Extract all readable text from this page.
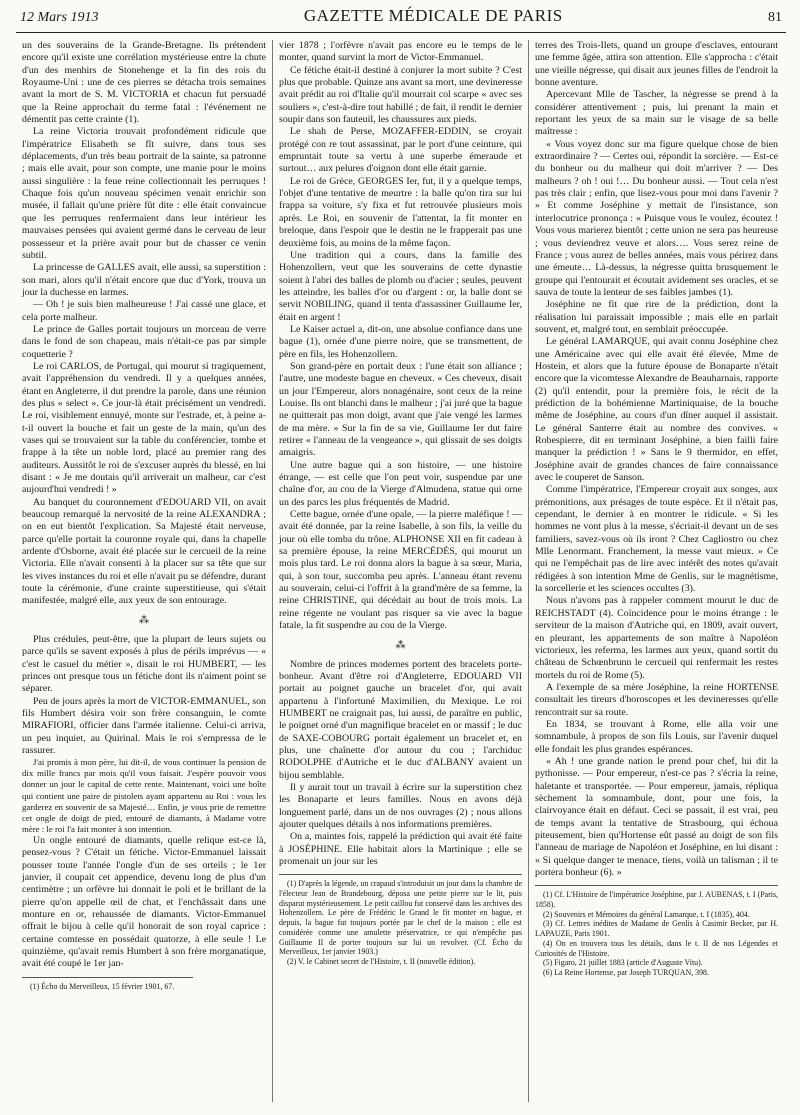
12 Mars 1913	GAZETTE MÉDICALE DE PARIS	81

un des souverains de la Grande-Bretagne. Ils prétendent encore qu'il existe une corrélation mystérieuse entre la chute d'un des menhirs de Stonehenge et la fin des rois du Royaume-Uni : une de ces pierres se détacha trois semaines avant la mort de S. M. VICTORIA et chacun fut persuadé que la Reine approchait du terme fatal : l'événement ne démentit pas cette crainte (1).

La reine Victoria trouvait profondément ridicule que l'impératrice Elisabeth se fît suivre, dans tous ses déplacements, d'un très beau portrait de la sainte, sa patronne ; mais elle avait, pour son compte, une manie pour le moins aussi singulière : la feue reine collectionnait les perruques ! Chaque fois qu'un nouveau spécimen venait enrichir son musée, il fallait qu'une prière fût dite : elle était convaincue que les perruques renfermaient dans leur intérieur les mauvaises pensées qui avaient germé dans le cerveau de leur possesseur et la prière avait pour but de chasser ce venin subtil.

La princesse de GALLES avait, elle aussi, sa superstition : son mari, alors qu'il n'était encore que duc d'York, trouva un jour la duchesse en larmes.

— Oh ! je suis bien malheureuse ! J'ai cassé une glace, et cela porte malheur.

Le prince de Galles portait toujours un morceau de verre dans le fond de son chapeau, mais n'était-ce pas par simple coquetterie ?

Le roi CARLOS, de Portugal, qui mourut si tragiquement, avait l'appréhension du vendredi. Il y a quelques années, étant en Angleterre, il dut prendre la parole, dans une réunion des plus « select ». Ce jour-là était précisément un vendredi. Le roi, visiblement ennuyé, monte sur l'estrade, et, à peine a-t-il ouvert la bouche et fait un geste de la main, qu'un des vases qui se trouvaient sur la table du conférencier, tombe et frappe à la tête un noble lord, placé au premier rang des auditeurs. Aussitôt le roi de s'excuser auprès du blessé, en lui disant : « Je me doutais qu'il arriverait un malheur, car c'est aujourd'hui vendredi ! »

Au banquet du couronnement d'EDOUARD VII, on avait beaucoup remarqué la nervosité de la reine ALEXANDRA ; on en eut bientôt l'explication. Sa Majesté était nerveuse, parce qu'elle portait la couronne royale qui, dans la chapelle ardente d'Osborne, avait été placée sur le cercueil de la reine Victoria. Elle n'avait consenti à la placer sur sa tête que sur les vives instances du roi et elle n'avait pu se défendre, durant toute la cérémonie, d'une crainte superstitieuse, qui s'était manifestée, malgré elle, aux yeux de son entourage.

⁂

Plus crédules, peut-être, que la plupart de leurs sujets ou parce qu'ils se savent exposés à plus de périls imprévus — « c'est le casuel du métier », disait le roi HUMBERT, — les princes ont presque tous un fétiche dont ils n'aiment point se séparer.

Peu de jours après la mort de VICTOR-EMMANUEL, son fils Humbert désira voir son frère consanguin, le comte MIRAFIORI, officier dans l'armée italienne. Celui-ci arriva, un peu inquiet, au Quirinal. Mais le roi s'empressa de le rassurer.

J'ai promis à mon père, lui dit-il, de vous continuer la pension de dix mille francs par mois qu'il vous faisait. J'espère pouvoir vous donner un jour le capital de cette rente. Maintenant, voici une boîte qui contient une paire de pistolets ayant appartenu au Roi : vous les garderez en souvenir de sa Majesté… Enfin, je vous prie de remettre cet ongle de doigt de pied, entouré de diamants, à Madame votre mère : le roi l'a fait monter à son intention.

Un ongle entouré de diamants, quelle relique est-ce là, pensez-vous ? C'était un fétiche. Victor-Emmanuel laissait pousser toute l'année l'ongle d'un de ses orteils ; le 1er janvier, il coupait cet appendice, devenu long de plus d'un centimètre ; un orfèvre lui donnait le poli et le brillant de la pierre qu'on appelle œil de chat, et l'enchâssait dans une monture en or, rehaussée de diamants. Victor-Emmanuel offrait le bijou à celle qu'il honorait de son royal caprice : certaine comtesse en possédait quatorze, à elle seule ! Le quinzième, qu'avait remis Humbert à son frère morganatique, avait été coupé le 1er jan-

(1) Écho du Merveilleux, 15 février 1901, 67.

vier 1878 ; l'orfèvre n'avait pas encore eu le temps de le monter, quand survint la mort de Victor-Emmanuel.

Ce fétiche était-il destiné à conjurer la mort subite ? C'est plus que probable. Quinze ans avant sa mort, une devineresse avait prédit au roi d'Italie qu'il mourrait col scarpe « avec ses souliers », c'est-à-dire tout habillé ; de fait, il rendit le dernier soupir dans son fauteuil, les chaussures aux pieds.

Le shah de Perse, MOZAFFER-EDDIN, se croyait protégé con re tout assassinat, par le port d'une ceinture, qui empruntait toute sa vertu à une superbe émeraude et surtout… aux pelures d'oignon dont elle était garnie.

Le roi de Grèce, GEORGES Ier, fut, il y a quelque temps, l'objet d'une tentative de meurtre : la balle qu'on tira sur lui frappa sa voiture, s'y fixa et fut retrouvée plusieurs mois après. Le Roi, en souvenir de l'attentat, la fit monter en breloque, dans l'espoir que le destin ne le frapperait pas une deuxième fois, au moins de la même façon.

Une tradition qui a cours, dans la famille des Hohenzollern, veut que les souverains de cette dynastie soient à l'abri des balles de plomb ou d'acier ; seules, peuvent les atteindre, les balles d'or ou d'argent : or, la balle dont se servit NOBILING, quand il tenta d'assassiner Guillaume Ier, était en argent !

Le Kaiser actuel a, dit-on, une absolue confiance dans une bague (1), ornée d'une pierre noire, que se transmettent, de père en fils, les Hohenzollern.

Son grand-père en portait deux : l'une était son alliance ; l'autre, une modeste bague en cheveux. « Ces cheveux, disait un jour l'Empereur, alors nonagénaire, sont ceux de la reine Louise. Ils ont blanchi dans le malheur ; j'ai juré que la bague ne quitterait pas mon doigt, avant que j'aie vengé les larmes de ma mère. » Sur la fin de sa vie, Guillaume Ier dut faire retirer « l'anneau de la vengeance », qui glissait de ses doigts amaigris.

Une autre bague qui a son histoire, — une histoire étrange, — est celle que l'on peut voir, suspendue par une chaîne d'or, au cou de la Vierge d'Almudena, statue qui orne un des parcs les plus fréquentés de Madrid.

Cette bague, ornée d'une opale, — la pierre maléfique ! — avait été donnée, par la reine Isabelle, à son fils, la veille du jour où elle tomba du trône. ALPHONSE XII en fit cadeau à sa première épouse, la reine MERCÉDÈS, qui mourut un mois plus tard. Le roi donna alors la bague à sa sœur, Maria, qui, à son tour, succomba peu après. L'anneau étant revenu au souverain, celui-ci l'offrit à la grand'mère de sa femme, la reine CHRISTINE, qui décédait au bout de trois mois. La reine régente ne voulant pas risquer sa vie avec la bague fatale, la fit suspendre au cou de la Vierge.

⁂

Nombre de princes modernes portent des bracelets porte-bonheur. Avant d'être roi d'Angleterre, EDOUARD VII portait au poignet gauche un bracelet d'or, qui avait appartenu à l'infortuné Maximilien, du Mexique. Le roi HUMBERT ne craignait pas, lui aussi, de paraître en public, le poignet orné d'un magnifique bracelet en or massif ; le duc de SAXE-COBOURG portait également un bracelet et, en plus, une chaînette d'or autour du cou ; l'archiduc RODOLPHE d'Autriche et le duc d'ALBANY avaient un bijou semblable.

Il y aurait tout un travail à écrire sur la superstition chez les Bonaparte et leurs familles. Nous en avons déjà longuement parlé, dans un de nos ouvrages (2) ; nous allons ajouter quelques détails à nos informations premières.

On a, maintes fois, rappelé la prédiction qui avait été faite à JOSÉPHINE. Elle habitait alors la Martinique ; elle se promenait un jour sur les

(1) D'après la légende, un crapaud s'introduisit un jour dans la chambre de l'électeur Jean de Brandebourg, déposa une petite pierre sur le lit, puis disparut mystérieusement. Le petit caillou fut conservé dans les archives des Hohenzollern. Le père de Frédéric le Grand le fit monter en bague, et depuis, la bague fut toujours portée par le chef de la maison ; elle est considérée comme une amulette préservatrice, ce qui n'empêche pas Guillaume II de porter toujours sur lui un revolver. (Cf. Écho du Merveilleux, 1er janvier 1903.)

(2) V. le Cabinet secret de l'Histoire, t. II (nouvelle édition).

terres des Trois-Ilets, quand un groupe d'esclaves, entourant une femme âgée, attira son attention. Elle s'approcha : c'était une vieille négresse, qui disait aux jeunes filles de l'endroit la bonne aventure.

Apercevant Mlle de Tascher, la négresse se prend à la considérer attentivement ; puis, lui prenant la main et reportant les yeux de sa main sur le visage de sa belle maîtresse :

« Vous voyez donc sur ma figure quelque chose de bien extraordinaire ? — Certes oui, répondit la sorcière. — Est-ce du bonheur ou du malheur qui doit m'arriver ? — Des malheurs ? oh ! oui !… Du bonheur aussi. — Tout cela n'est pas très clair ; enfin, que lisez-vous pour moi dans l'avenir ? » Et comme Joséphine y mettait de l'insistance, son interlocutrice prononça : « Puisque vous le voulez, écoutez ! Vous vous marierez bientôt ; cette union ne sera pas heureuse ; vous deviendrez veuve et alors…. Vous serez reine de France ; vous aurez de belles années, mais vous périrez dans une émeute… Là-dessus, la négresse quitta brusquement le groupe qui l'entourait et écoutait avidement ses oracles, et se sauva de toute la lenteur de ses faibles jambes (1).

Joséphine ne fit que rire de la prédiction, dont la réalisation lui paraissait impossible ; mais elle en parlait souvent, et, malgré tout, en semblait préoccupée.

Le général LAMARQUE, qui avait connu Joséphine chez une Américaine avec qui elle avait été élevée, Mme de Hostein, et alors que la future épouse de Bonaparte n'était encore que la vicomtesse Alexandre de Beauharnais, rapporte (2) qu'il entendit, pour la première fois, le récit de la prédiction de la bohémienne Martiniquaise, de la bouche même de Joséphine, au cours d'un dîner auquel il assistait. Le général Santerre était au nombre des convives. « Robespierre, dit en terminant Joséphine, a bien failli faire manquer la prédiction ! » Sans le 9 thermidor, en effet, Joséphine avait de grandes chances de faire connaissance avec le couperet de Sanson.

Comme l'impératrice, l'Empereur croyait aux songes, aux prémonitions, aux présages de toute espèce. Et il n'était pas, cependant, le dernier à en montrer le ridicule. « Si les hommes ne vont plus à la messe, s'écriait-il devant un de ses familiers, savez-vous où ils iront ? Chez Cagliostro ou chez Mlle Lenormant. Franchement, la messe vaut mieux. » Ce qui ne l'empêchait pas de lire avec intérêt des notes qu'avait rédigées à son intention Mme de Genlis, sur le magnétisme, la sorcellerie et les sciences occultes (3).

Nous n'avons pas à rappeler comment mourut le duc de REICHSTADT (4). Coïncidence pour le moins étrange : le serviteur de la maison d'Autriche qui, en 1809, avait ouvert, en pleurant, les appartements de son maître à Napoléon victorieux, les referma, les larmes aux yeux, quand sortit du château de Schœnbrunn le cercueil qui renfermait les restes mortels du roi de Rome (5).

A l'exemple de sa mère Joséphine, la reine HORTENSE consultait les tireurs d'horoscopes et les devineresses qu'elle rencontrait sur sa route.

En 1834, se trouvant à Rome, elle alla voir une somnambule, à propos de son fils Louis, sur l'avenir duquel elle fondait les plus grandes espérances.

« Ah ! une grande nation le prend pour chef, lui dit la pythonisse. — Pour empereur, n'est-ce pas ? s'écria la reine, haletante et transportée. — Pour empereur, jamais, répliqua sèchement la somnambule, dont, pour une fois, la clairvoyance était en défaut. Ceci se passait, il est vrai, peu de temps avant la tentative de Strasbourg, qui échoua piteusement, bien qu'Hortense eût passé au doigt de son fils l'anneau de mariage de Napoléon et Joséphine, en lui disant : « Si quelque danger te menace, tiens, voilà un talisman ; il te portera bonheur (6). »

(1) Cf. L'Histoire de l'impératrice Joséphine, par J. AUBENAS, t. I (Paris, 1858).

(2) Souvenirs et Mémoires du général Lamarque, t. I (1835), 404.

(3) Cf. Lettres inédites de Madame de Genlis à Casimir Becker, par H. LAPAUZE, Paris 1901.

(4) On en trouvera tous les détails, dans le t. II de nos Légendes et Curiosités de l'Histoire.

(5) Figaro, 21 juillet 1883 (article d'Auguste Vitu).

(6) La Reine Hortense, par Joseph TURQUAN, 398.
